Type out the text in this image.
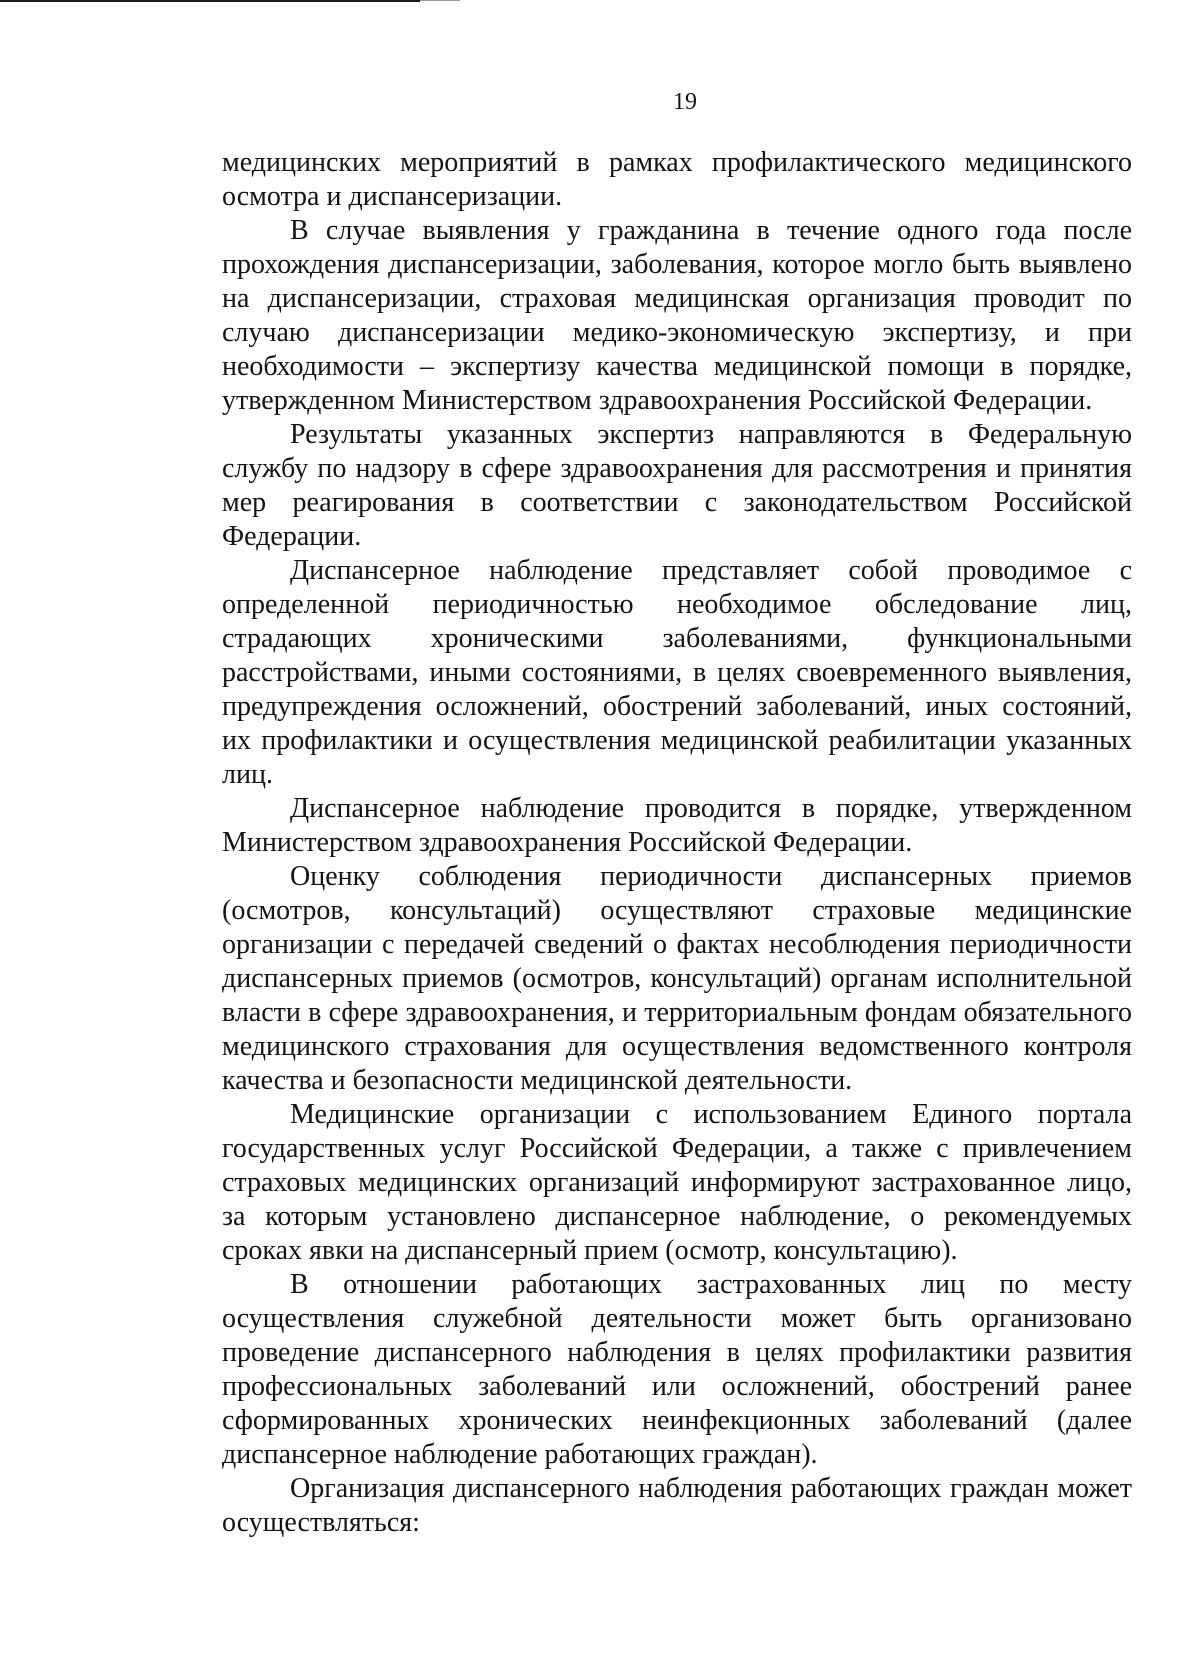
19

медицинских мероприятий в рамках профилактического медицинского осмотра и диспансеризации.

В случае выявления у гражданина в течение одного года после прохождения диспансеризации, заболевания, которое могло быть выявлено на диспансеризации, страховая медицинская организация проводит по случаю диспансеризации медико-экономическую экспертизу, и при необходимости – экспертизу качества медицинской помощи в порядке, утвержденном Министерством здравоохранения Российской Федерации.

Результаты указанных экспертиз направляются в Федеральную службу по надзору в сфере здравоохранения для рассмотрения и принятия мер реагирования в соответствии с законодательством Российской Федерации.

Диспансерное наблюдение представляет собой проводимое с определенной периодичностью необходимое обследование лиц, страдающих хроническими заболеваниями, функциональными расстройствами, иными состояниями, в целях своевременного выявления, предупреждения осложнений, обострений заболеваний, иных состояний, их профилактики и осуществления медицинской реабилитации указанных лиц.

Диспансерное наблюдение проводится в порядке, утвержденном Министерством здравоохранения Российской Федерации.

Оценку соблюдения периодичности диспансерных приемов (осмотров, консультаций) осуществляют страховые медицинские организации с передачей сведений о фактах несоблюдения периодичности диспансерных приемов (осмотров, консультаций) органам исполнительной власти в сфере здравоохранения, и территориальным фондам обязательного медицинского страхования для осуществления ведомственного контроля качества и безопасности медицинской деятельности.

Медицинские организации с использованием Единого портала государственных услуг Российской Федерации, а также с привлечением страховых медицинских организаций информируют застрахованное лицо, за которым установлено диспансерное наблюдение, о рекомендуемых сроках явки на диспансерный прием (осмотр, консультацию).

В отношении работающих застрахованных лиц по месту осуществления служебной деятельности может быть организовано проведение диспансерного наблюдения в целях профилактики развития профессиональных заболеваний или осложнений, обострений ранее сформированных хронических неинфекционных заболеваний (далее диспансерное наблюдение работающих граждан).

Организация диспансерного наблюдения работающих граждан может осуществляться:
